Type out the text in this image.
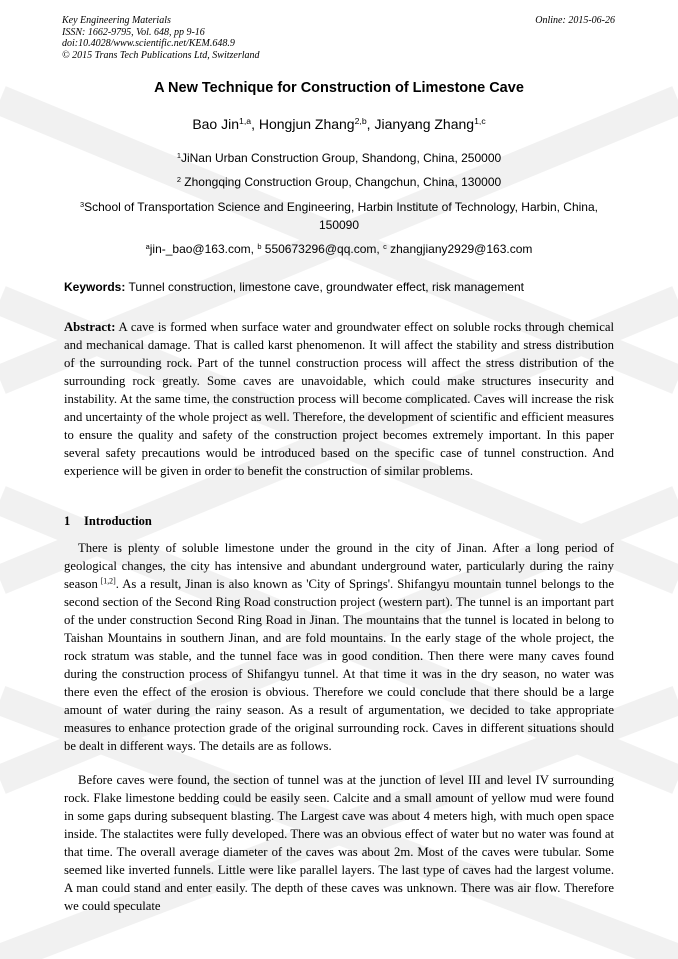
Key Engineering Materials
ISSN: 1662-9795, Vol. 648, pp 9-16
doi:10.4028/www.scientific.net/KEM.648.9
© 2015 Trans Tech Publications Ltd, Switzerland
Online: 2015-06-26
A New Technique for Construction of Limestone Cave
Bao Jin$^{1,a}$, Hongjun Zhang$^{2,b}$, Jianyang Zhang$^{1,c}$
$^1$JiNan Urban Construction Group, Shandong, China, 250000
$^2$ Zhongqing Construction Group, Changchun, China, 130000
$^3$School of Transportation Science and Engineering, Harbin Institute of Technology, Harbin, China, 150090
$^a$jin-_bao@163.com, $^b$ 550673296@qq.com, $^c$ zhangjiany2929@163.com
Keywords: Tunnel construction, limestone cave, groundwater effect, risk management
Abstract: A cave is formed when surface water and groundwater effect on soluble rocks through chemical and mechanical damage. That is called karst phenomenon. It will affect the stability and stress distribution of the surrounding rock. Part of the tunnel construction process will affect the stress distribution of the surrounding rock greatly. Some caves are unavoidable, which could make structures insecurity and instability. At the same time, the construction process will become complicated. Caves will increase the risk and uncertainty of the whole project as well. Therefore, the development of scientific and efficient measures to ensure the quality and safety of the construction project becomes extremely important. In this paper several safety precautions would be introduced based on the specific case of tunnel construction. And experience will be given in order to benefit the construction of similar problems.
1 Introduction
There is plenty of soluble limestone under the ground in the city of Jinan. After a long period of geological changes, the city has intensive and abundant underground water, particularly during the rainy season [1,2]. As a result, Jinan is also known as 'City of Springs'. Shifangyu mountain tunnel belongs to the second section of the Second Ring Road construction project (western part). The tunnel is an important part of the under construction Second Ring Road in Jinan. The mountains that the tunnel is located in belong to Taishan Mountains in southern Jinan, and are fold mountains. In the early stage of the whole project, the rock stratum was stable, and the tunnel face was in good condition. Then there were many caves found during the construction process of Shifangyu tunnel. At that time it was in the dry season, no water was there even the effect of the erosion is obvious. Therefore we could conclude that there should be a large amount of water during the rainy season. As a result of argumentation, we decided to take appropriate measures to enhance protection grade of the original surrounding rock. Caves in different situations should be dealt in different ways. The details are as follows.
Before caves were found, the section of tunnel was at the junction of level III and level IV surrounding rock. Flake limestone bedding could be easily seen. Calcite and a small amount of yellow mud were found in some gaps during subsequent blasting. The Largest cave was about 4 meters high, with much open space inside. The stalactites were fully developed. There was an obvious effect of water but no water was found at that time. The overall average diameter of the caves was about 2m. Most of the caves were tubular. Some seemed like inverted funnels. Little were like parallel layers. The last type of caves had the largest volume. A man could stand and enter easily. The depth of these caves was unknown. There was air flow. Therefore we could speculate
